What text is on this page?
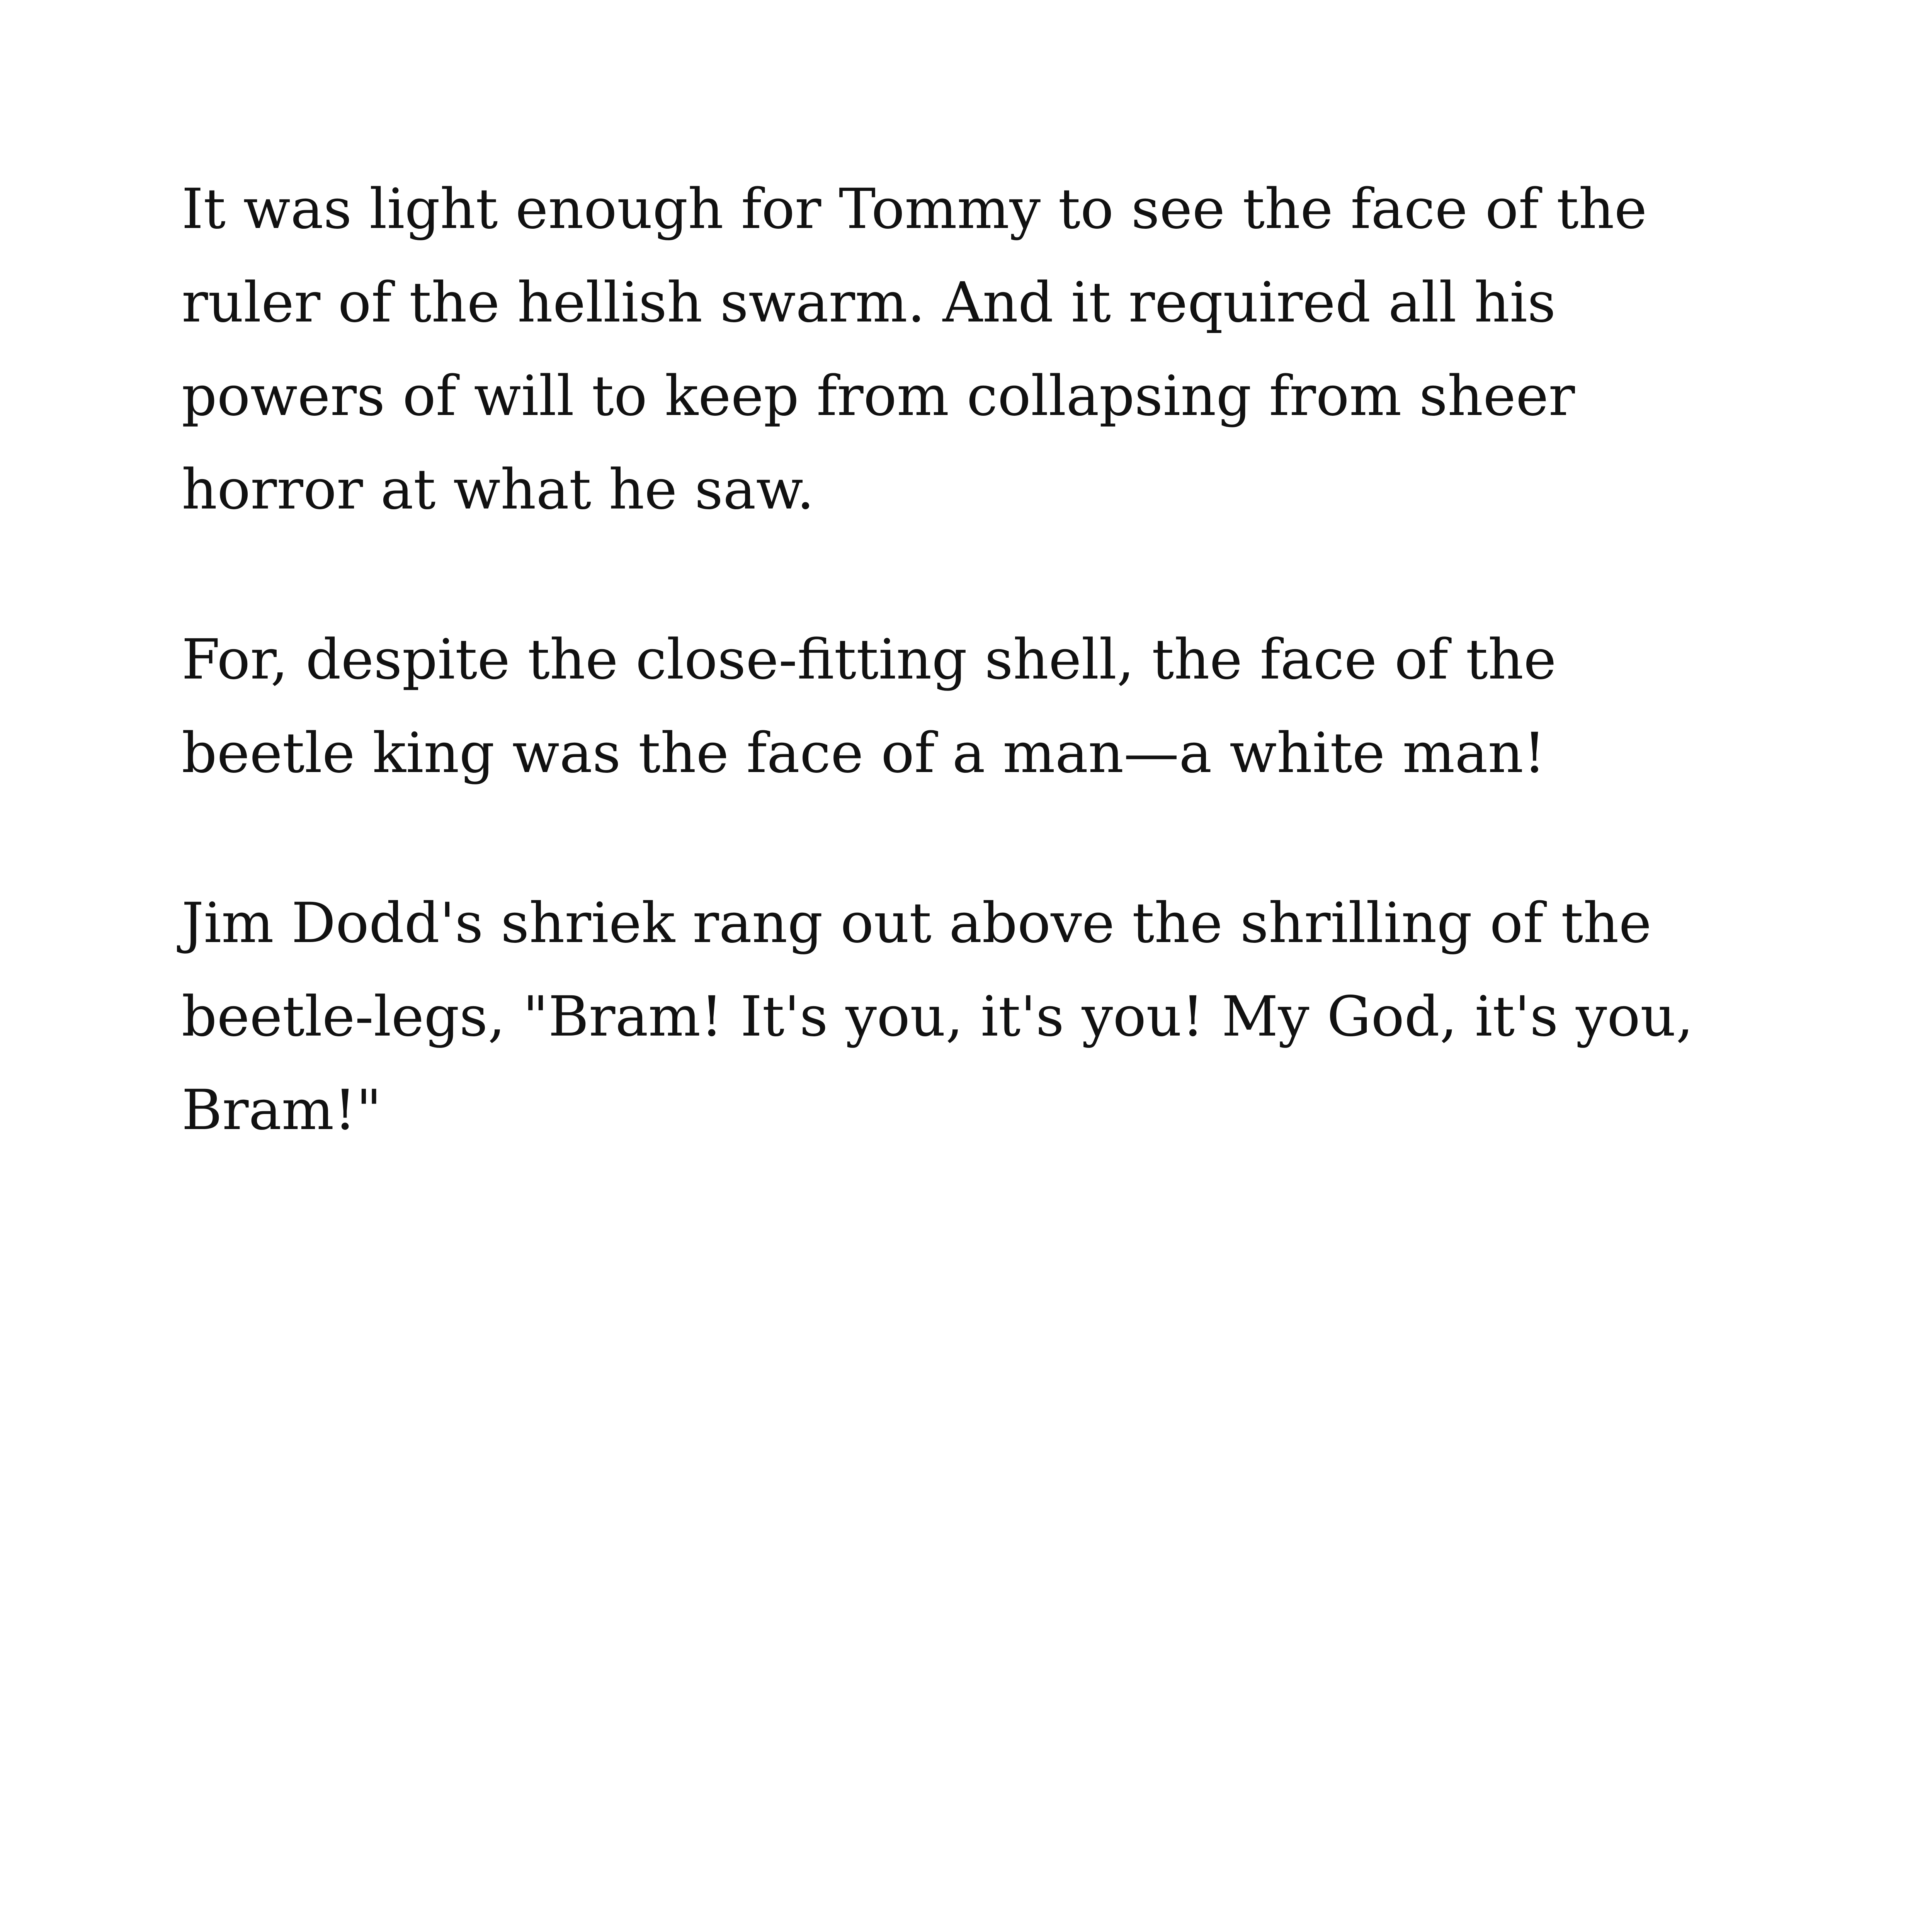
It was light enough for Tommy to see the face of the
ruler of the hellish swarm. And it required all his
powers of will to keep from collapsing from sheer
horror at what he saw.

For, despite the close-fitting shell, the face of the
beetle king was the face of a man—a white man!

Jim Dodd's shriek rang out above the shrilling of the
beetle-legs, "Bram! It's you, it's you! My God, it's you,
Bram!"
